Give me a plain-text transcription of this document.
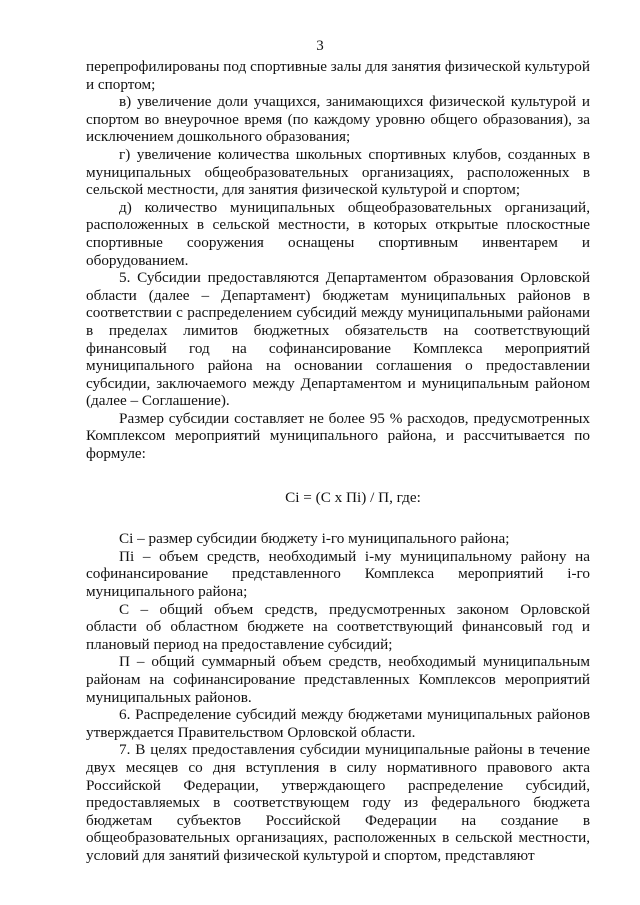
3

перепрофилированы под спортивные залы для занятия физической культурой и спортом;

в) увеличение доли учащихся, занимающихся физической культурой и спортом во внеурочное время (по каждому уровню общего образования), за исключением дошкольного образования;

г) увеличение количества школьных спортивных клубов, созданных в муниципальных общеобразовательных организациях, расположенных в сельской местности, для занятия физической культурой и спортом;

д) количество муниципальных общеобразовательных организаций, расположенных в сельской местности, в которых открытые плоскостные спортивные сооружения оснащены спортивным инвентарем и оборудованием.

5. Субсидии предоставляются Департаментом образования Орловской области (далее – Департамент) бюджетам муниципальных районов в соответствии с распределением субсидий между муниципальными районами в пределах лимитов бюджетных обязательств на соответствующий финансовый год на софинансирование Комплекса мероприятий муниципального района на основании соглашения о предоставлении субсидии, заключаемого между Департаментом и муниципальным районом (далее – Соглашение).

Размер субсидии составляет не более 95 % расходов, предусмотренных Комплексом мероприятий муниципального района, и рассчитывается по формуле:

Ci = (C x Пi) / П, где:

Ci – размер субсидии бюджету i-го муниципального района;

Пi – объем средств, необходимый i-му муниципальному району на софинансирование представленного Комплекса мероприятий i-го муниципального района;

С – общий объем средств, предусмотренных законом Орловской области об областном бюджете на соответствующий финансовый год и плановый период на предоставление субсидий;

П – общий суммарный объем средств, необходимый муниципальным районам на софинансирование представленных Комплексов мероприятий муниципальных районов.

6. Распределение субсидий между бюджетами муниципальных районов утверждается Правительством Орловской области.

7. В целях предоставления субсидии муниципальные районы в течение двух месяцев со дня вступления в силу нормативного правового акта Российской Федерации, утверждающего распределение субсидий, предоставляемых в соответствующем году из федерального бюджета бюджетам субъектов Российской Федерации на создание в общеобразовательных организациях, расположенных в сельской местности, условий для занятий физической культурой и спортом, представляют
